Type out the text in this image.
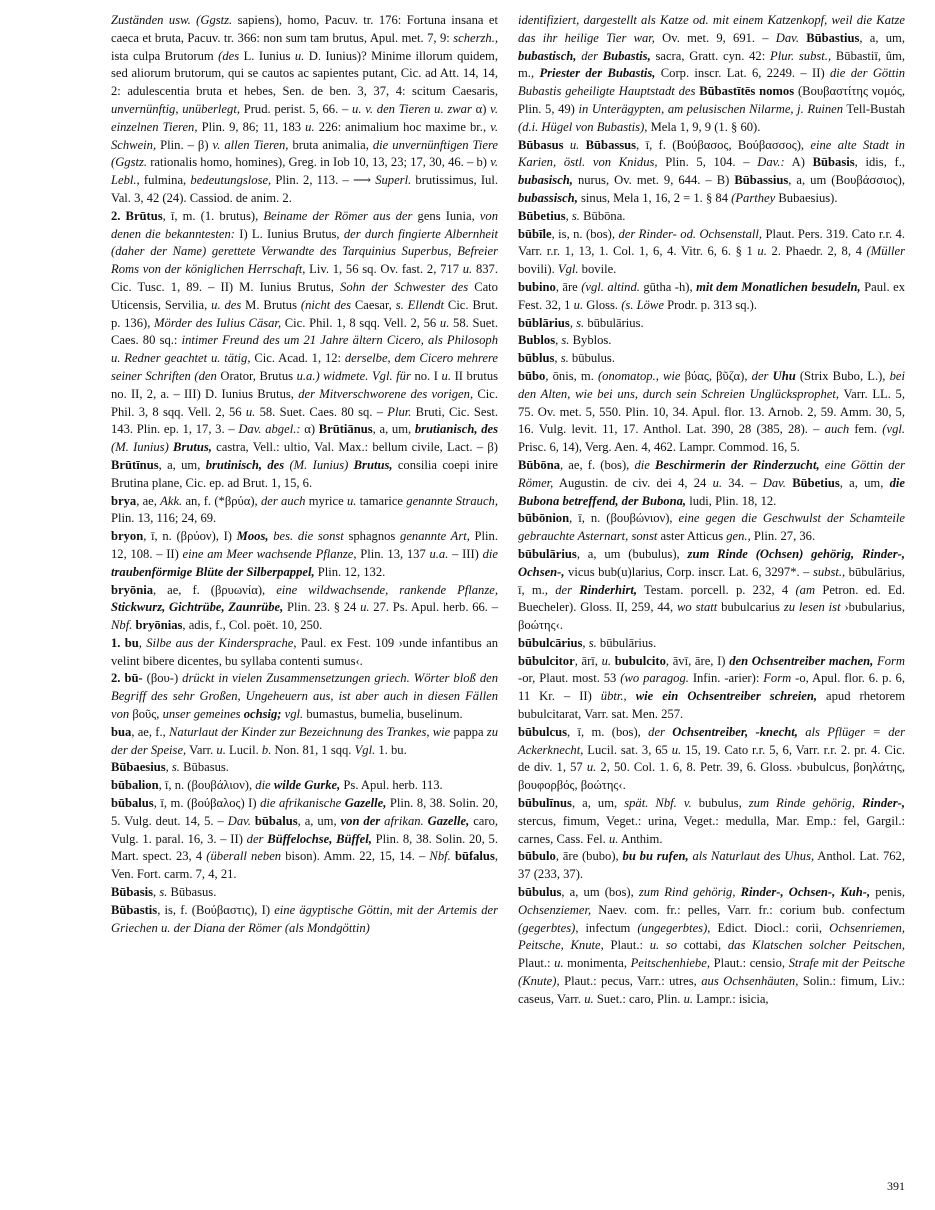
Zuständen usw. (Ggstz. sapiens), homo, Pacuv. tr. 176: Fortuna insana et caeca et bruta, Pacuv. tr. 366: non sum tam brutus, Apul. met. 7, 9: scherzh., ista culpa Brutorum (des L. Iunius u. D. Iunius)? Minime illorum quidem, sed aliorum brutorum, qui se cautos ac sapientes putant, Cic. ad Att. 14, 14, 2: adulescentia bruta et hebes, Sen. de ben. 3, 37, 4: scitum Caesaris, unvernünftig, unüberlegt, Prud. perist. 5, 66. – u. v. den Tieren u. zwar α) v. einzelnen Tieren, Plin. 9, 86; 11, 183 u. 226: animalium hoc maxime br., v. Schwein, Plin. – β) v. allen Tieren, bruta animalia, die unvernünftigen Tiere (Ggstz. rationalis homo, homines), Greg. in Iob 10, 13, 23; 17, 30, 46. – b) v. Lebl., fulmina, bedeutungslose, Plin. 2, 113. – ⟶ Superl. brutissimus, Iul. Val. 3, 42 (24). Cassiod. de anim. 2.

2. Brūtus, ī, m. (1. brutus), Beiname der Römer aus der gens Iunia, von denen die bekanntesten: I) L. Iunius Brutus, der durch fingierte Albernheit (daher der Name) gerettete Verwandte des Tarquinius Superbus, Befreier Roms von der königlichen Herrschaft, Liv. 1, 56 sq. Ov. fast. 2, 717 u. 837. Cic. Tusc. 1, 89. – II) M. Iunius Brutus, Sohn der Schwester des Cato Uticensis, Servilia, u. des M. Brutus (nicht des Caesar, s. Ellendt Cic. Brut. p. 136), Mörder des Iulius Cäsar, Cic. Phil. 1, 8 sqq. Vell. 2, 56 u. 58. Suet. Caes. 80 sq.: intimer Freund des um 21 Jahre ältern Cicero, als Philosoph u. Redner geachtet u. tätig, Cic. Acad. 1, 12: derselbe, dem Cicero mehrere seiner Schriften (den Orator, Brutus u.a.) widmete. Vgl. für no. I u. II brutus no. II, 2, a. – III) D. Iunius Brutus, der Mitverschworene des vorigen, Cic. Phil. 3, 8 sqq. Vell. 2, 56 u. 58. Suet. Caes. 80 sq. – Plur. Bruti, Cic. Sest. 143. Plin. ep. 1, 17, 3. – Dav. abgel.: α) Brūtiānus, a, um, brutianisch, des (M. Iunius) Brutus, castra, Vell.: ultio, Val. Max.: bellum civile, Lact. – β) Brūtīnus, a, um, brutinisch, des (M. Iunius) Brutus, consilia coepi inire Brutina plane, Cic. ep. ad Brut. 1, 15, 6.

brya, ae, Akk. an, f. (*βρύα), der auch myrice u. tamarice genannte Strauch, Plin. 13, 116; 24, 69.

bryon, ī, n. (βρύον), I) Moos, bes. die sonst sphagnos genannte Art, Plin. 12, 108. – II) eine am Meer wachsende Pflanze, Plin. 13, 137 u.a. – III) die traubenförmige Blüte der Silberpappel, Plin. 12, 132.

bryōnia, ae, f. (βρυωνία), eine wildwachsende, rankende Pflanze, Stickwurz, Gichtrübe, Zaunrübe, Plin. 23. § 24 u. 27. Ps. Apul. herb. 66. – Nbf. bryōnias, adis, f., Col. poët. 10, 250.

1. bu, Silbe aus der Kindersprache, Paul. ex Fest. 109 ›unde infantibus an velint bibere dicentes, bu syllaba contenti sumus‹.

2. bū- (βου-) drückt in vielen Zusammensetzungen griech. Wörter bloß den Begriff des sehr Großen, Ungeheuern aus, ist aber auch in diesen Fällen von βοῦς, unser gemeines ochsig; vgl. bumastus, bumelia, buselinum.

bua, ae, f., Naturlaut der Kinder zur Bezeichnung des Trankes, wie pappa zu der der Speise, Varr. u. Lucil. b. Non. 81, 1 sqq. Vgl. 1. bu.

Būbaesius, s. Būbasus.

būbalion, ī, n. (βουβάλιον), die wilde Gurke, Ps. Apul. herb. 113.

būbalus, ī, m. (βούβαλος) I) die afrikanische Gazelle, Plin. 8, 38. Solin. 20, 5. Vulg. deut. 14, 5. – Dav. būbalus, a, um, von der afrikan. Gazelle, caro, Vulg. 1. paral. 16, 3. – II) der Büffelochse, Büffel, Plin. 8, 38. Solin. 20, 5. Mart. spect. 23, 4 (überall neben bison). Amm. 22, 15, 14. – Nbf. būfalus, Ven. Fort. carm. 7, 4, 21.

Būbasis, s. Būbasus.

Būbastis, is, f. (Βούβαστις), I) eine ägyptische Göttin, mit der Artemis der Griechen u. der Diana der Römer (als Mondgöttin)

identifiziert, dargestellt als Katze od. mit einem Katzenkopf, weil die Katze das ihr heilige Tier war, Ov. met. 9, 691. – Dav. Būbastius, a, um, bubastisch, der Bubastis, sacra, Gratt. cyn. 42: Plur. subst., Būbastiī, ûm, m., Priester der Bubastis, Corp. inscr. Lat. 6, 2249. – II) die der Göttin Bubastis geheiligte Hauptstadt des Būbastītēs nomos (Βουβαστίτης νομός, Plin. 5, 49) in Unterägypten, am pelusischen Nilarme, j. Ruinen Tell-Bustah (d.i. Hügel von Bubastis), Mela 1, 9, 9 (1. § 60).

Būbasus u. Būbassus, ī, f. (Βούβασος, Βούβασσος), eine alte Stadt in Karien, östl. von Knidus, Plin. 5, 104. – Dav.: A) Būbasis, idis, f., bubasisch, nurus, Ov. met. 9, 644. – B) Būbassius, a, um (Βουβάσσιος), bubassisch, sinus, Mela 1, 16, 2 = 1. § 84 (Parthey Bubaesius).

Būbetius, s. Būbōna.

būbīle, is, n. (bos), der Rinder- od. Ochsenstall, Plaut. Pers. 319. Cato r.r. 4. Varr. r.r. 1, 13, 1. Col. 1, 6, 4. Vitr. 6, 6. § 1 u. 2. Phaedr. 2, 8, 4 (Müller bovili). Vgl. bovile.

bubino, āre (vgl. altind. gūtha -h), mit dem Monatlichen besudeln, Paul. ex Fest. 32, 1 u. Gloss. (s. Löwe Prodr. p. 313 sq.).

būblārius, s. būbulārius.

Bublos, s. Byblos.

būblus, s. būbulus.

būbo, ōnis, m. (onomatop., wie βύας, βῦζα), der Uhu (Strix Bubo, L.), bei den Alten, wie bei uns, durch sein Schreien Unglücksprophet, Varr. LL. 5, 75. Ov. met. 5, 550. Plin. 10, 34. Apul. flor. 13. Arnob. 2, 59. Amm. 30, 5, 16. Vulg. levit. 11, 17. Anthol. Lat. 390, 28 (385, 28). – auch fem. (vgl. Prisc. 6, 14), Verg. Aen. 4, 462. Lampr. Commod. 16, 5.

Būbōna, ae, f. (bos), die Beschirmerin der Rinderzucht, eine Göttin der Römer, Augustin. de civ. dei 4, 24 u. 34. – Dav. Būbetius, a, um, die Bubona betreffend, der Bubona, ludi, Plin. 18, 12.

būbōnion, ī, n. (βουβώνιον), eine gegen die Geschwulst der Schamteile gebrauchte Asternart, sonst aster Atticus gen., Plin. 27, 36.

būbulārius, a, um (bubulus), zum Rinde (Ochsen) gehörig, Rinder-, Ochsen-, vicus bub(u)larius, Corp. inscr. Lat. 6, 3297*. – subst., būbulārius, ī, m., der Rinderhirt, Testam. porcell. p. 232, 4 (am Petron. ed. Ed. Buecheler). Gloss. II, 259, 44, wo statt bubulcarius zu lesen ist ›bubularius, βοώτης‹.

būbulcārius, s. būbulārius.

būbulcitor, ārī, u. bubulcito, āvī, āre, I) den Ochsentreiber machen, Form -or, Plaut. most. 53 (wo paragog. Infin. -arier): Form -o, Apul. flor. 6. p. 6, 11 Kr. – II) übtr., wie ein Ochsentreiber schreien, apud rhetorem bubulcitarat, Varr. sat. Men. 257.

būbulcus, ī, m. (bos), der Ochsentreiber, -knecht, als Pflüger = der Ackerknecht, Lucil. sat. 3, 65 u. 15, 19. Cato r.r. 5, 6, Varr. r.r. 2. pr. 4. Cic. de div. 1, 57 u. 2, 50. Col. 1. 6, 8. Petr. 39, 6. Gloss. ›bubulcus, βοηλάτης, βουφορβός, βοώτης‹.

būbulīnus, a, um, spät. Nbf. v. bubulus, zum Rinde gehörig, Rinder-, stercus, fimum, Veget.: urina, Veget.: medulla, Mar. Emp.: fel, Gargil.: carnes, Cass. Fel. u. Anthim.

būbulo, āre (bubo), bu bu rufen, als Naturlaut des Uhus, Anthol. Lat. 762, 37 (233, 37).

būbulus, a, um (bos), zum Rind gehörig, Rinder-, Ochsen-, Kuh-, penis, Ochsenziemer, Naev. com. fr.: pelles, Varr. fr.: corium bub. confectum (gegerbtes), infectum (ungegerbtes), Edict. Diocl.: corii, Ochsenriemen, Peitsche, Knute, Plaut.: u. so cottabi, das Klatschen solcher Peitschen, Plaut.: u. monimenta, Peitschenhiebe, Plaut.: censio, Strafe mit der Peitsche (Knute), Plaut.: pecus, Varr.: utres, aus Ochsenhäuten, Solin.: fimum, Liv.: caseus, Varr. u. Suet.: caro, Plin. u. Lampr.: isicia,

391
